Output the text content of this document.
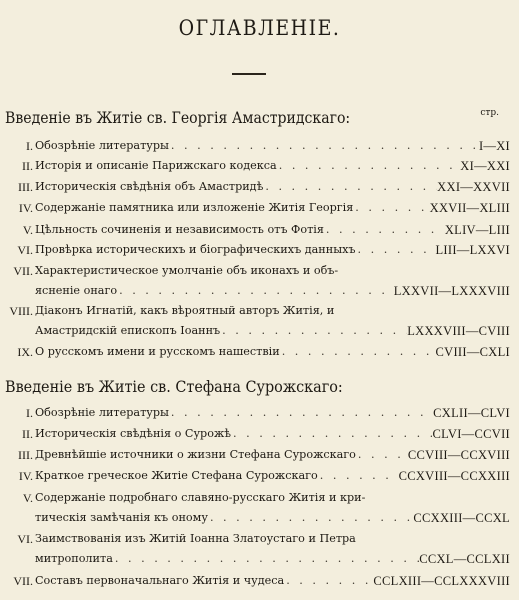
ОГЛАВЛЕНІЕ.
Введеніе въ Житіе св. Георгія Амастридскаго:	стр.
I. Обозрѣніе литературы . . .	I—XI
II. Исторія и описаніе Парижскаго кодекса . . .	XI—XXI
III. Историческія свѣдѣнія объ Амастридѣ . . .	XXI—XXVII
IV. Содержаніе памятника или изложеніе Житія Георгія . . .	XXVII—XLIII
V. Цѣльность сочиненія и независимость отъ Фотія . . .	XLIV—LIII
VI. Провѣрка историческихъ и біографическихъ данныхъ . . .	LIII—LXXVI
VII. Характеристическое умолчаніе объ иконахъ и объ-
ясненіе онаго . . .	LXXVII—LXXXVIII
VIII. Діаконъ Игнатій, какъ вѣроятный авторъ Житія, и
Амастридскій епископъ Іоаннъ . . .	LXXXVIII—CVIII
IX. О русскомъ имени и русскомъ нашествіи . . .	CVIII—CXLI
I. Обозрѣніе литературы . . .	CXLII—CLVI
II. Историческія свѣдѣнія о Сурожѣ . . .	CLVI—CCVII
III. Древнѣйшіе источники о жизни Стефана Сурожскаго . . .	CCVIII—CCXVIII
IV. Краткое греческое Житіе Стефана Сурожскаго . . .	CCXVIII—CCXXIII
V. Содержаніе подробнаго славяно-русскаго Житія и кри-
тическія замѣчанія къ оному . . .	CCXXIII—CCXL
VI. Заимствованія изъ Житій Іоанна Златоустаго и Петра
митрополита . . .	CCXL—CCLXII
VII. Составъ первоначальнаго Житія и чудеса . . .	CCLXIII—CCLXXXVIII
Введеніе въ Житіе св. Стефана Сурожскаго:
